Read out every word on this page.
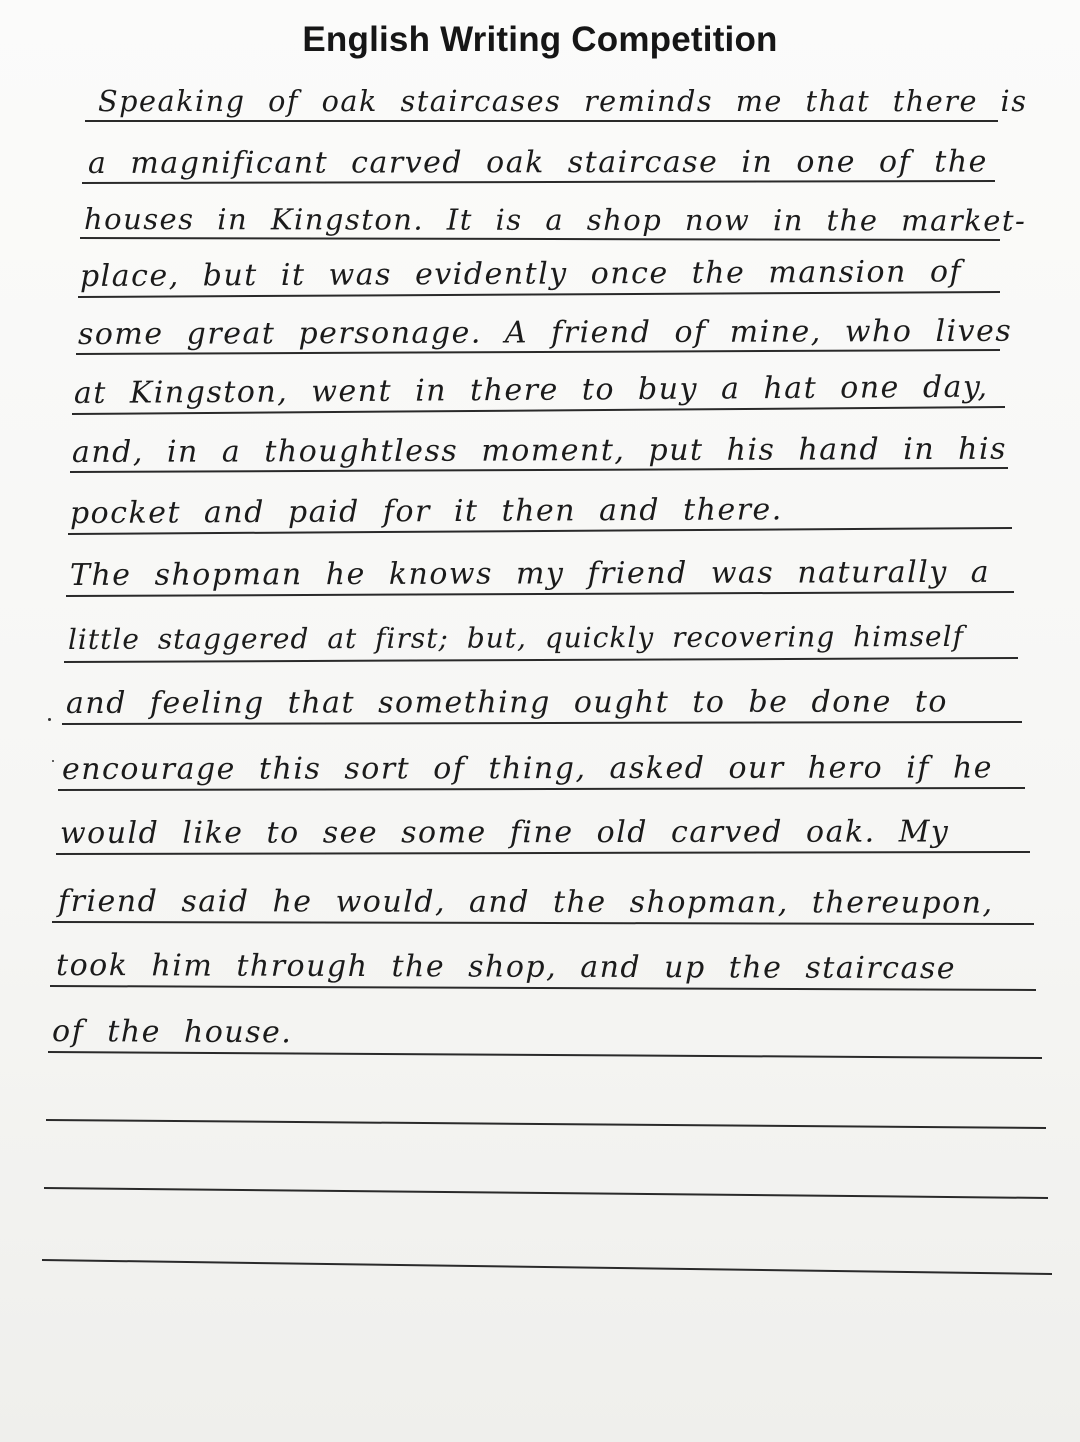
English Writing Competition
Speaking of oak staircases reminds me that there is
a magnificant carved oak staircase in one of the
houses in Kingston. It is a shop now in the market-
place, but it was evidently once the mansion of
some great personage. A friend of mine, who lives
at Kingston, went in there to buy a hat one day,
and, in a thoughtless moment, put his hand in his
pocket and paid for it then and there.
The shopman he knows my friend was naturally a
little staggered at first; but, quickly recovering himself
and feeling that something ought to be done to
encourage this sort of thing, asked our hero if he
would like to see some fine old carved oak. My
friend said he would, and the shopman, thereupon,
took him through the shop, and up the staircase
of the house.
